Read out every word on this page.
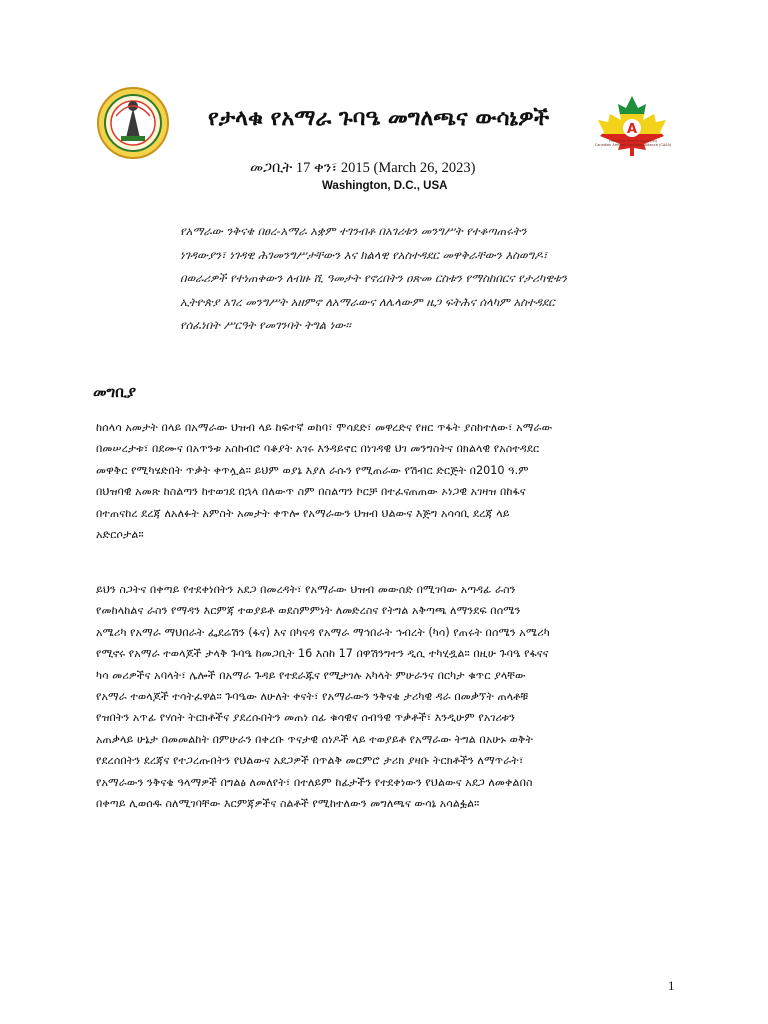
የታላቁ የአማራ ጉባዔ መግለጫና ውሳኔዎች	A
የካናዳ አማራ ማኅበራት ኅብረት (ካሳ)
Canadian Amhara Societies Alliance (CASA)
መጋቢት 17 ቀን፣ 2015 (March 26, 2023)
Washington, D.C., USA
የአማራው ንቅናቄ በፀረ-አማራ አቋም ተገንብቶ በአገሪቱን መንግሥት የተቆጣጠሩትን
ነገዳውያን፣ ነገዳዊ ሕገመንግሥታቸውን እና ክልላዊ የአስተዳደር መዋቅራቸውን እስወግዶ፣
በወራሪዎች የተነጠቀውን ለብዙ ሺ ዓመታት የኖረበትን ዐጽመ ርስቱን የማስከበርና የታሪካዊቱን
ኢትዮጵያ አገረ መንግሥት አዘምኖ ለአማራውና ለሌላውም ዜጋ ፍትሕና ሰላካም አስተዳደር
የሰፈነበት ሥርዓት የመገንባት ትግል ነው።
መግቢያ
ከሰላሳ አመታት በላይ በአማራው ህዝብ ላይ ከፍተኛ ወከባ፣ ሞሳደድ፣ መዋረድና የዘር ጥፋት ያስከተለው፣ አማራው
በመሠረታቱ፣ በደሙና በአጥንቱ አስከብሮ ባቆያት አገሩ እንዳይኖር በነገዳዊ ህገ መንግስትና በክልላዊ የአስተዳደር
መዋቅር የሚካሄድበት ጥቃት ቀጥሏል። ይህም ወያኔ እያለ ራሱን የሚጠራው የሽብር ድርጅት በ2010 ዓ.ም
በህዝባዊ አመጽ ከስልጣን ከተወገደ በኋላ በለውጥ ስም በስልጣን ኮርቻ በተፈናጠጠው ኦነጋዊ አገዛዝ በከፋና
በተጠናከረ ደረጃ ለአለፉት አምስት አመታት ቀጥሎ የአማራውን ህዝብ ህልውና እጅግ አሳሳቢ ደረጃ ላይ
አድርሶታል።
ይህን ስጋትና በቀጣይ የተደቀነበትን አደጋ በመረዳት፣ የአማራው ህዝብ መውሰድ በሚገባው አጣዳፊ ራስን
የመከላከልና ራስን የማዳን እርምጃ ተወያይቶ ወደስምምነት ለመድረስና የትግል አቅጣጫ ለማንደፍ በሰሜን
አሜሪካ የአማራ ማህበራት ፌደሬሽን (ፋና) እና በካናዳ የአማራ ማኅበራት ኅብረት (ካሳ) የጠሩት በሰሜን አሜሪካ
የሚኖሩ የአማራ ተወላጆች ታላቅ ጉባዔ ከመጋቢት 16 እስከ 17 በዋሽንግተን ዲሲ ተካሂዷል። በዚሁ ጉባዔ የፋናና
ካሳ መሪዎችና አባላት፣ ሌሎች በአማራ ጉዳይ የተደራጁና የሚታገሉ አካላት ምሁራንና በርካታ ቁጥር ያላቸው
የአማራ ተወላጆች ተሳትፈዋል። ጉባዔው ለሁለት ቀናት፣ የአማራውን ንቅናቄ ታሪካዊ ዳራ በመቃኘት ጠላቶቹ
የዝበትን አጥፊ የሃሰት ትርክቶችና ያደረሱበትን መጠነ ሰፊ ቁሳዊና ሰብዓዊ ጥቃቶች፣ እንዲሁም የአገሪቱን
አጠቃላይ ሁኔታ በመመልከት በምሁራን በቀረቡ ጥናታዊ ሰነዶች ላይ ተወያይቶ የአማራው ትግል በአሁኑ ወቅት
የደረሰበትን ደረጃና የተጋረጡበትን የህልውና አደጋዎች በጥልቅ መርምሮ ታሪክ ያዛቡ ትርክቶችን ለማጥራት፣
የአማራውን ንቅናቄ ዓላማዎች በግልፅ ለመለየት፣ በተለይም ከፊታችን የተደቀነውን የህልውና አደጋ ለመቀልበስ
በቀጣይ ሊወሰዱ ስለሚገባቸው እርምጃዎችና ስልቶች የሚከተለውን መግለጫና ውሳኔ አሳልፏል።
1
